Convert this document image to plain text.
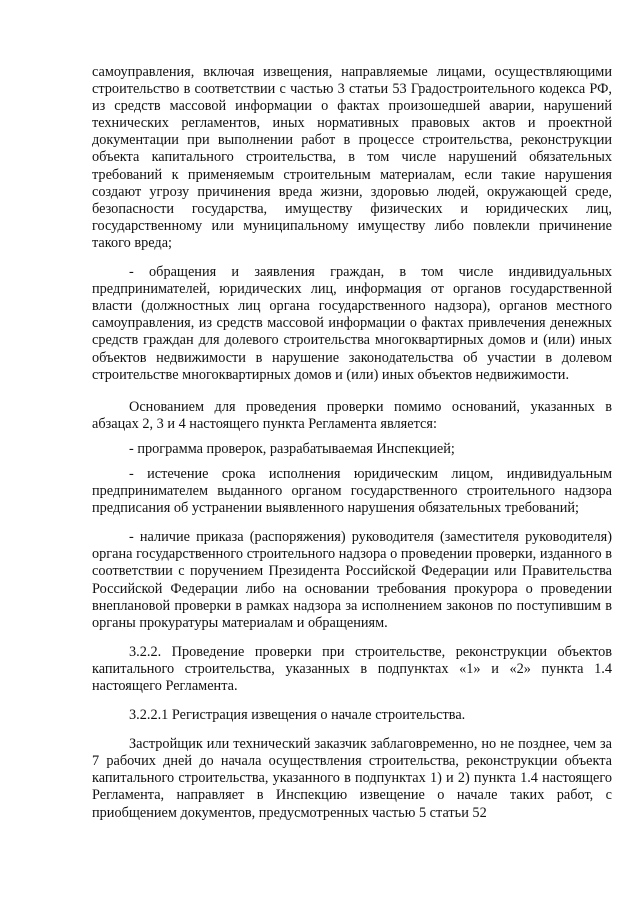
самоуправления, включая извещения, направляемые лицами, осуществляющими строительство в соответствии с частью 3 статьи 53 Градостроительного кодекса РФ, из средств массовой информации о фактах произошедшей аварии, нарушений технических регламентов, иных нормативных правовых актов и проектной документации при выполнении работ в процессе строительства, реконструкции объекта капитального строительства, в том числе нарушений обязательных требований к применяемым строительным материалам, если такие нарушения создают угрозу причинения вреда жизни, здоровью людей, окружающей среде, безопасности государства, имуществу физических и юридических лиц, государственному или муниципальному имуществу либо повлекли причинение такого вреда;

- обращения и заявления граждан, в том числе индивидуальных предпринимателей, юридических лиц, информация от органов государственной власти (должностных лиц органа государственного надзора), органов местного самоуправления, из средств массовой информации о фактах привлечения денежных средств граждан для долевого строительства многоквартирных домов и (или) иных объектов недвижимости в нарушение законодательства об участии в долевом строительстве многоквартирных домов и (или) иных объектов недвижимости.

Основанием для проведения проверки помимо оснований, указанных в абзацах 2, 3 и 4 настоящего пункта Регламента является:

- программа проверок, разрабатываемая Инспекцией;

- истечение срока исполнения юридическим лицом, индивидуальным предпринимателем выданного органом государственного строительного надзора предписания об устранении выявленного нарушения обязательных требований;

- наличие приказа (распоряжения) руководителя (заместителя руководителя) органа государственного строительного надзора о проведении проверки, изданного в соответствии с поручением Президента Российской Федерации или Правительства Российской Федерации либо на основании требования прокурора о проведении внеплановой проверки в рамках надзора за исполнением законов по поступившим в органы прокуратуры материалам и обращениям.

3.2.2. Проведение проверки при строительстве, реконструкции объектов капитального строительства, указанных в подпунктах «1» и «2» пункта 1.4 настоящего Регламента.

3.2.2.1 Регистрация извещения о начале строительства.

Застройщик или технический заказчик заблаговременно, но не позднее, чем за 7 рабочих дней до начала осуществления строительства, реконструкции объекта капитального строительства, указанного в подпунктах 1) и 2) пункта 1.4 настоящего Регламента, направляет в Инспекцию извещение о начале таких работ, с приобщением документов, предусмотренных частью 5 статьи 52
